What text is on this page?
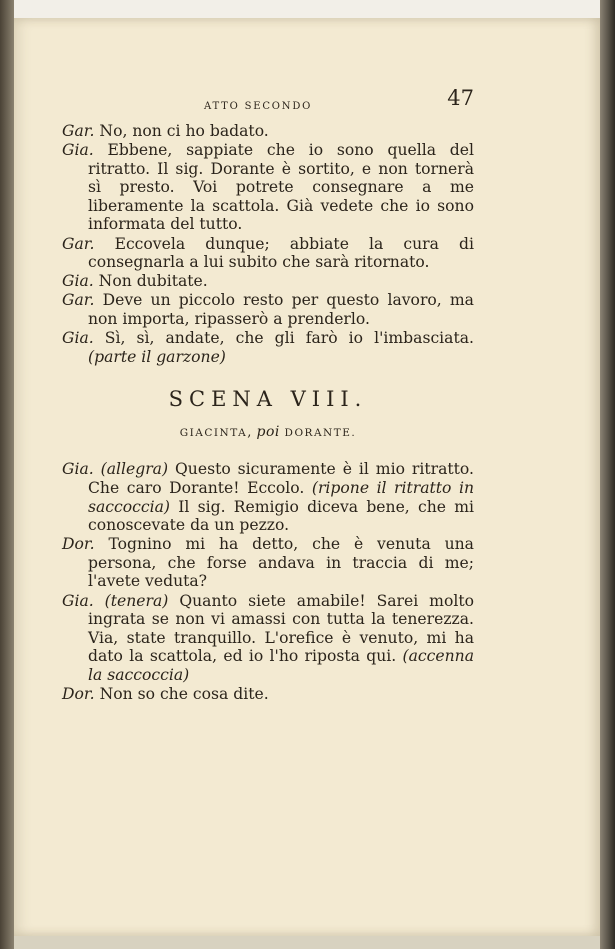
ATTO SECONDO	47

Gar. No, non ci ho badato.

Gia. Ebbene, sappiate che io sono quella del ritratto. Il sig. Dorante è sortito, e non tornerà sì presto. Voi potrete consegnare a me liberamente la scattola. Già vedete che io sono informata del tutto.

Gar. Eccovela dunque; abbiate la cura di consegnarla a lui subito che sarà ritornato.

Gia. Non dubitate.

Gar. Deve un piccolo resto per questo lavoro, ma non importa, ripasserò a prenderlo.

Gia. Sì, sì, andate, che gli farò io l'imbasciata. (parte il garzone)

SCENA VIII.
GIACINTA, poi DORANTE.

Gia. (allegra) Questo sicuramente è il mio ritratto. Che caro Dorante! Eccolo. (ripone il ritratto in saccoccia) Il sig. Remigio diceva bene, che mi conoscevate da un pezzo.

Dor. Tognino mi ha detto, che è venuta una persona, che forse andava in traccia di me; l'avete veduta?

Gia. (tenera) Quanto siete amabile! Sarei molto ingrata se non vi amassi con tutta la tenerezza. Via, state tranquillo. L'orefice è venuto, mi ha dato la scattola, ed io l'ho riposta qui. (accenna la saccoccia)

Dor. Non so che cosa dite.
